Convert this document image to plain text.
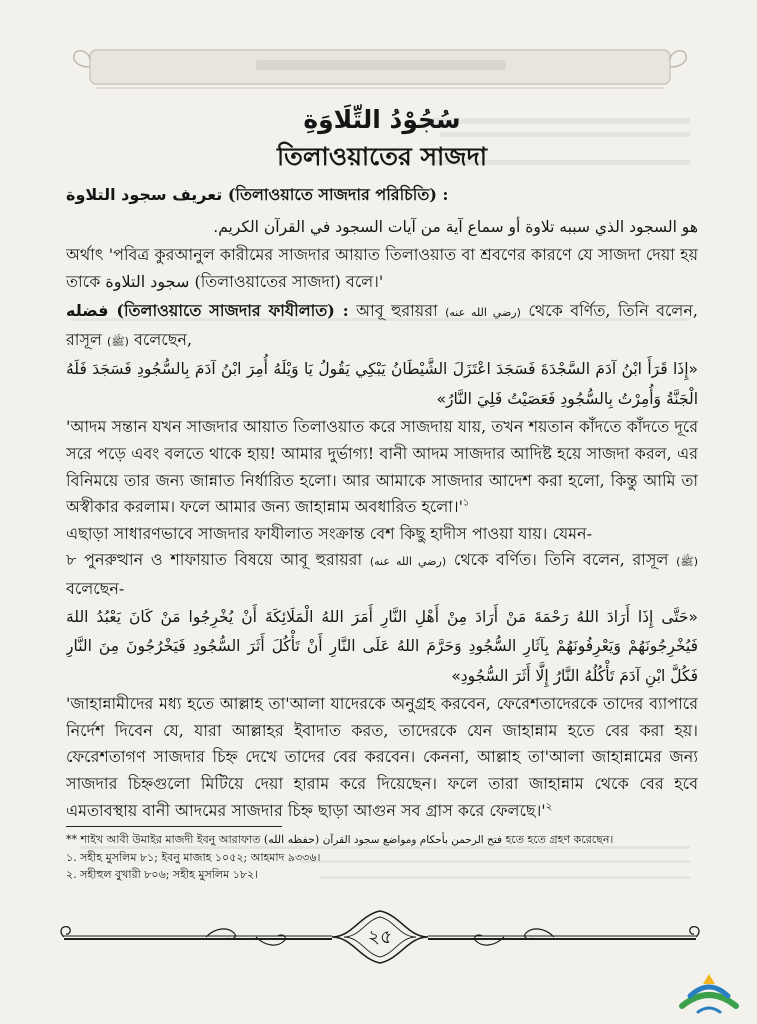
سُجُوْدُ التِّلَاوَةِ
তিলাওয়াতের সাজদা

تعريف سجود التلاوة (তিলাওয়াতে সাজদার পরিচিতি) :

هو السجود الذي سببه تلاوة أو سماع آية من آيات السجود في القرآن الكريم.

অর্থাৎ 'পবিত্র কুরআনুল কারীমের সাজদার আয়াত তিলাওয়াত বা শ্রবণের কারণে যে সাজদা দেয়া হয় তাকে سجود التلاوة (তিলাওয়াতের সাজদা) বলে।'

فضله (তিলাওয়াতে সাজদার ফাযীলাত) : আবূ হুরায়রা (رضي الله عنه) থেকে বর্ণিত, তিনি বলেন, রাসূল (ﷺ) বলেছেন,

«إِذَا قَرَأَ ابْنُ آدَمَ السَّجْدَةَ فَسَجَدَ اعْتَزَلَ الشَّيْطَانُ يَبْكِي يَقُولُ يَا وَيْلَهُ أُمِرَ ابْنُ آدَمَ بِالسُّجُودِ فَسَجَدَ فَلَهُ الْجَنَّةُ وَأُمِرْتُ بِالسُّجُودِ فَعَصَيْتُ فَلِيَ النَّارُ»

'আদম সন্তান যখন সাজদার আয়াত তিলাওয়াত করে সাজদায় যায়, তখন শয়তান কাঁদতে কাঁদতে দূরে সরে পড়ে এবং বলতে থাকে হায়! আমার দুর্ভাগ্য! বানী আদম সাজদার আদিষ্ট হয়ে সাজদা করল, এর বিনিময়ে তার জন্য জান্নাত নির্ধারিত হলো। আর আমাকে সাজদার আদেশ করা হলো, কিন্তু আমি তা অস্বীকার করলাম। ফলে আমার জন্য জাহান্নাম অবধারিত $হলো।'^১$

এছাড়া সাধারণভাবে সাজদার ফাযীলাত সংক্রান্ত বেশ কিছু হাদীস পাওয়া যায়। যেমন-

৮ পুনরুত্থান ও শাফায়াত বিষয়ে আবূ হুরায়রা (رضي الله عنه) থেকে বর্ণিত। তিনি বলেন, রাসূল (ﷺ) বলেছেন-

«حَتَّى إِذَا أَرَادَ اللهُ رَحْمَةَ مَنْ أَرَادَ مِنْ أَهْلِ النَّارِ أَمَرَ اللهُ الْمَلَائِكَةَ أَنْ يُخْرِجُوا مَنْ كَانَ يَعْبُدُ اللهَ فَيُخْرِجُونَهُمْ وَيَعْرِفُونَهُمْ بِآثَارِ السُّجُودِ وَحَرَّمَ اللهُ عَلَى النَّارِ أَنْ تَأْكُلَ أَثَرَ السُّجُودِ فَيَخْرُجُونَ مِنَ النَّارِ فَكُلَّ ابْنِ آدَمَ تَأْكُلُهُ النَّارُ إِلَّا أَثَرَ السُّجُودِ»

'জাহান্নামীদের মধ্য হতে আল্লাহ তা'আলা যাদেরকে অনুগ্রহ করবেন, ফেরেশতাদেরকে তাদের ব্যাপারে নির্দেশ দিবেন যে, যারা আল্লাহর ইবাদাত করত, তাদেরকে যেন জাহান্নাম হতে বের করা হয়। ফেরেশতাগণ সাজদার চিহ্ন দেখে তাদের বের করবেন। কেননা, আল্লাহ তা'আলা জাহান্নামের জন্য সাজদার চিহ্নগুলো মিটিয়ে দেয়া হারাম করে দিয়েছেন। ফলে তারা জাহান্নাম থেকে বের হবে এমতাবস্থায় বানী আদমের সাজদার চিহ্ন ছাড়া আগুন সব গ্রাস করে $ফেলছে।'^২$

** শাইখ আবী উমাইর মাজদী ইবনু আরাফাত (حفظه الله) فتح الرحمن بأحكام ومواضع سجود القرآن হতে হতে গ্রহণ করেছেন।
১. সহীহ মুসলিম ৮১; ইবনু মাজাহ ১০৫২; আহমাদ ৯৩৩৬।
২. সহীহুল বুখারী ৮০৬; সহীহ মুসলিম ১৮২।
২৫
